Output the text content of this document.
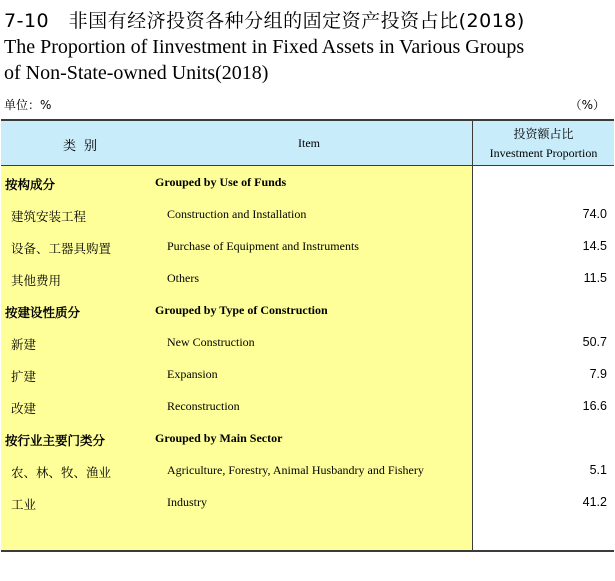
7-10　非国有经济投资各种分组的固定资产投资占比(2018)
The Proportion of Iinvestment in Fixed Assets in Various Groups
of Non-State-owned Units(2018)
单位：%	（%）
类别	Item
投资额占比
Investment Proportion
按构成分	Grouped by Use of Funds
建筑安装工程	Construction and Installation	74.0
设备、工器具购置	Purchase of Equipment and Instruments	14.5
其他费用	Others	11.5
按建设性质分	Grouped by Type of Construction
新建	New Construction	50.7
扩建	Expansion	7.9
改建	Reconstruction	16.6
按行业主要门类分	Grouped by Main Sector
农、林、牧、渔业	Agriculture, Forestry, Animal Husbandry and Fishery	5.1
工业	Industry	41.2
